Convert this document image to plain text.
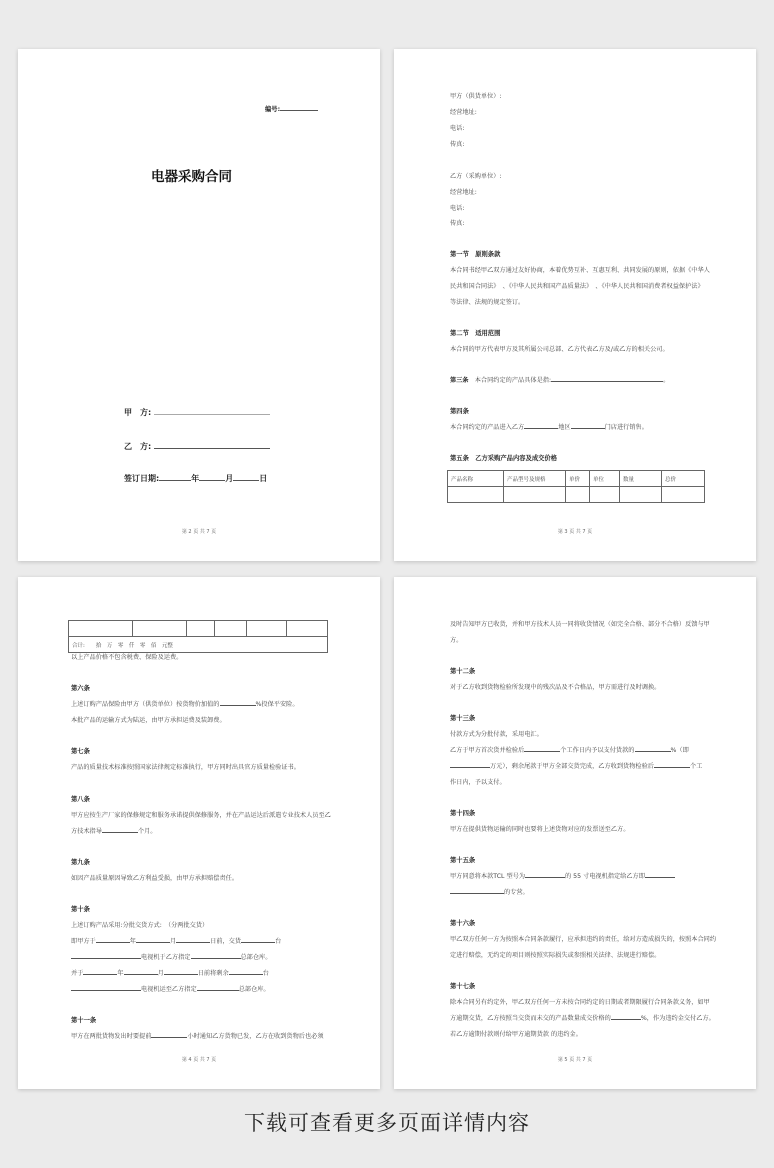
编号:
电器采购合同
甲　方:
乙　方:
签订日期:	年	月	日
第 2 页 共 7 页
甲方（供货单位）:
经营地址:
电话:
传真:
乙方（采购单位）:
经营地址:
电话:
传真:
第一节　原则条款
本合同书经甲乙双方通过友好协商，本着优势互补、互惠互利、共同发展的原则，依据《中华人
民共和国合同法》　、《中华人民共和国产品质量法》　、《中华人民共和国消费者权益保护法》
等法律、法规的规定签订。
第二节　适用范围
本合同的甲方代表甲方及其所属公司总部、乙方代表乙方及/或乙方的相关公司。
第三条　 本合同约定的产品具体是指:	。
第四条
本合同约定的产品进入乙方	地区	门店进行销售。
第五条　乙方采购产品内容及成交价格
产品名称	产品型号及规格	单价	单位	数量	总价

第 3 页 共 7 页

合计:　　 拾　万　零　仟　零　佰　元整
以上产品价格不包含税费、保险及运费。
第六条
上述订购产品保险由甲方（供货单位）按货物价加值的	%投保平安险。
本批产品的运输方式为陆运，由甲方承担运费及装卸费。
第七条
产品的质量技术标准按照国家法律规定标准执行，甲方同时出具官方质量检验证书。
第八条
甲方应按生产厂家的保修规定和服务承诺提供保修服务，并在产品运达后派遣专业技术人员至乙
方技术指导	个月。
第九条
如因产品质量原因导致乙方利益受损，由甲方承担赔偿责任。
第十条
上述订购产品采用:分批交货方式:　（分两批交货）
即甲方于	年	月	日前，交货	台
电视机于乙方指定	总部仓库。
并于	年	月	日前将剩余	台
电视机运至乙方指定	总部仓库。
第十一条
甲方在两批货物发出时要提前	小时通知乙方货物已发，乙方在收到货物后也必须
第 4 页 共 7 页
及时告知甲方已收货，并和甲方技术人员一同将收货情况（如完全合格、部分不合格）反馈与甲
方。
第十二条
对于乙方收到货物检验所发现中的残次品及不合格品，甲方需进行及时调换。
第十三条
付款方式为分批付款，采用电汇。
乙方于甲方首次货并检验后	个工作日内予以支付货款的	%（即
万元），剩余尾款于甲方全部交货完成，乙方收到货物检验后	个工
作日内，予以支付。
第十四条
甲方在提供货物运输的同时也要将上述货物对应的发票送至乙方。
第十五条
甲方同意将本款TCL 型号为	的 55 寸电视机指定给乙方即
的专营。
第十六条
甲乙双方任何一方为按照本合同条款履行，应承担违约的责任，给对方造成损失的，按照本合同约
定进行赔偿，无约定的项目则按照实际损失或参照相关法律、法规进行赔偿。
第十七条
除本合同另有约定外，甲乙双方任何一方未按合同约定的日期或者期限履行合同条款义务，如甲
方逾期交货，乙方按照当交货而未交的产品数量成交价格的	%，作为违约金交付乙方。
若乙方逾期付款则付给甲方逾期货款 的违约金。
第 5 页 共 7 页
下载可查看更多页面详情内容
